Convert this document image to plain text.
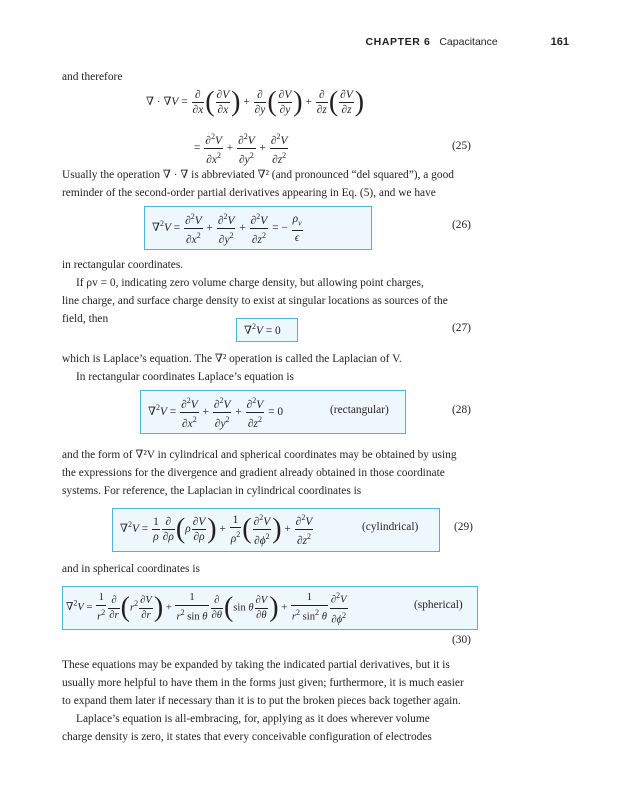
CHAPTER 6 Capacitance	161
and therefore
∇ · $\nabla V = \frac{\partial}{\partial x}$ ( $\frac{\partial V}{\partial x}$ ) + $\frac{\partial}{\partial y}$ ( $\frac{\partial V}{\partial y}$ ) + $\frac{\partial}{\partial z}$ ( $\frac{\partial V}{\partial z}$ )
= $\frac{\partial^2V}{\partial x^2} + \frac{\partial^2V}{\partial y^2} + \frac{\partial^2V}{\partial z^2}$	(25)
Usually the operation ∇ · ∇ is abbreviated ∇² (and pronounced “del squared”), a good
reminder of the second-order partial derivatives appearing in Eq. (5), and we have
$\nabla^2V = \frac{\partial^2V}{\partial x^2} + \frac{\partial^2V}{\partial y^2} + \frac{\partial^2V}{\partial z^2}$ = − $\frac{\rho_v}{\epsilon}$	(26)
in rectangular coordinates.
If ρv = 0, indicating zero volume charge density, but allowing point charges,
line charge, and surface charge density to exist at singular locations as sources of the
field, then
∇$^2$V = 0	(27)
which is Laplace’s equation. The ∇² operation is called the Laplacian of V.
In rectangular coordinates Laplace’s equation is
$\nabla^2V = \frac{\partial^2V}{\partial x^2} + \frac{\partial^2V}{\partial y^2} + \frac{\partial^2V}{\partial z^2} = 0$	(rectangular)	(28)
and the form of ∇²V in cylindrical and spherical coordinates may be obtained by using
the expressions for the divergence and gradient already obtained in those coordinate
systems. For reference, the Laplacian in cylindrical coordinates is
$\nabla^2V = \frac{1}{\rho} \frac{\partial}{\partial\rho} (\rho \frac{\partial V}{\partial\rho}$ ) + $\frac{1}{\rho^2}$ ( $\frac{\partial^2V}{\partial\phi^2}$ ) + $\frac{\partial^2V}{\partial z^2}$	(cylindrical)	(29)
and in spherical coordinates is
$\nabla^2V = \frac{1}{r^2} \frac{\partial}{\partial r} (r^2 \frac{\partial V}{\partial r}$ ) + $\frac{1}{r^2 \sin \theta} \frac{\partial}{\partial\theta} (\sin$ θ $\frac{\partial V}{\partial\theta}$ ) + $\frac{1}{r^2 \sin^2 \theta} \frac{\partial^2V}{\partial\phi^2}$	(spherical)
(30)
These equations may be expanded by taking the indicated partial derivatives, but it is
usually more helpful to have them in the forms just given; furthermore, it is much easier
to expand them later if necessary than it is to put the broken pieces back together again.
Laplace’s equation is all-embracing, for, applying as it does wherever volume
charge density is zero, it states that every conceivable configuration of electrodes
